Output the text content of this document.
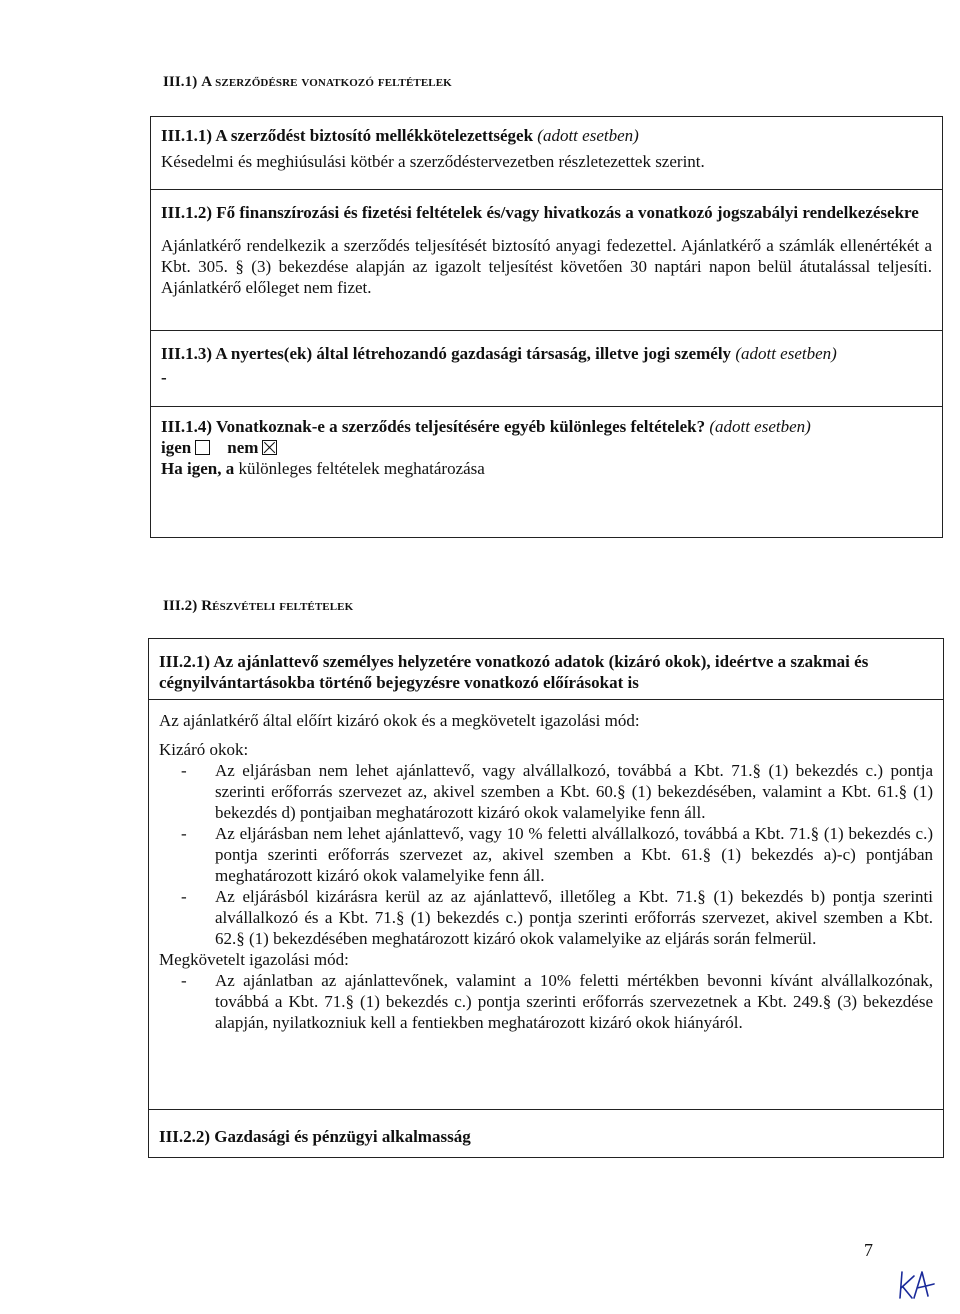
III.1) A szerződésre vonatkozó feltételek
III.1.1) A szerződést biztosító mellékkötelezettségek (adott esetben)
Késedelmi és meghiúsulási kötbér a szerződéstervezetben részletezettek szerint.
III.1.2) Fő finanszírozási és fizetési feltételek és/vagy hivatkozás a vonatkozó jogszabályi rendelkezésekre
Ajánlatkérő rendelkezik a szerződés teljesítését biztosító anyagi fedezettel. Ajánlatkérő a számlák ellenértékét a Kbt. 305. § (3) bekezdése alapján az igazolt teljesítést követően 30 naptári napon belül átutalással teljesíti. Ajánlatkérő előleget nem fizet.
III.1.3) A nyertes(ek) által létrehozandó gazdasági társaság, illetve jogi személy (adott esetben)
-
III.1.4) Vonatkoznak-e a szerződés teljesítésére egyéb különleges feltételek? (adott esetben)
igen nem
Ha igen, a különleges feltételek meghatározása
III.2) Részvételi feltételek
III.2.1) Az ajánlattevő személyes helyzetére vonatkozó adatok (kizáró okok), ideértve a szakmai és cégnyilvántartásokba történő bejegyzésre vonatkozó előírásokat is
Az ajánlatkérő által előírt kizáró okok és a megkövetelt igazolási mód:
Kizáró okok:
- Az eljárásban nem lehet ajánlattevő, vagy alvállalkozó, továbbá a Kbt. 71.§ (1) bekezdés c.) pontja szerinti erőforrás szervezet az, akivel szemben a Kbt. 60.§ (1) bekezdésében, valamint a Kbt. 61.§ (1) bekezdés d) pontjaiban meghatározott kizáró okok valamelyike fenn áll.
- Az eljárásban nem lehet ajánlattevő, vagy 10 % feletti alvállalkozó, továbbá a Kbt. 71.§ (1) bekezdés c.) pontja szerinti erőforrás szervezet az, akivel szemben a Kbt. 61.§ (1) bekezdés a)-c) pontjában meghatározott kizáró okok valamelyike fenn áll.
- Az eljárásból kizárásra kerül az az ajánlattevő, illetőleg a Kbt. 71.§ (1) bekezdés b) pontja szerinti alvállalkozó és a Kbt. 71.§ (1) bekezdés c.) pontja szerinti erőforrás szervezet, akivel szemben a Kbt. 62.§ (1) bekezdésében meghatározott kizáró okok valamelyike az eljárás során felmerül.
Megkövetelt igazolási mód:
- Az ajánlatban az ajánlattevőnek, valamint a 10% feletti mértékben bevonni kívánt alvállalkozónak, továbbá a Kbt. 71.§ (1) bekezdés c.) pontja szerinti erőforrás szervezetnek a Kbt. 249.§ (3) bekezdése alapján, nyilatkozniuk kell a fentiekben meghatározott kizáró okok hiányáról.
III.2.2) Gazdasági és pénzügyi alkalmasság
7
